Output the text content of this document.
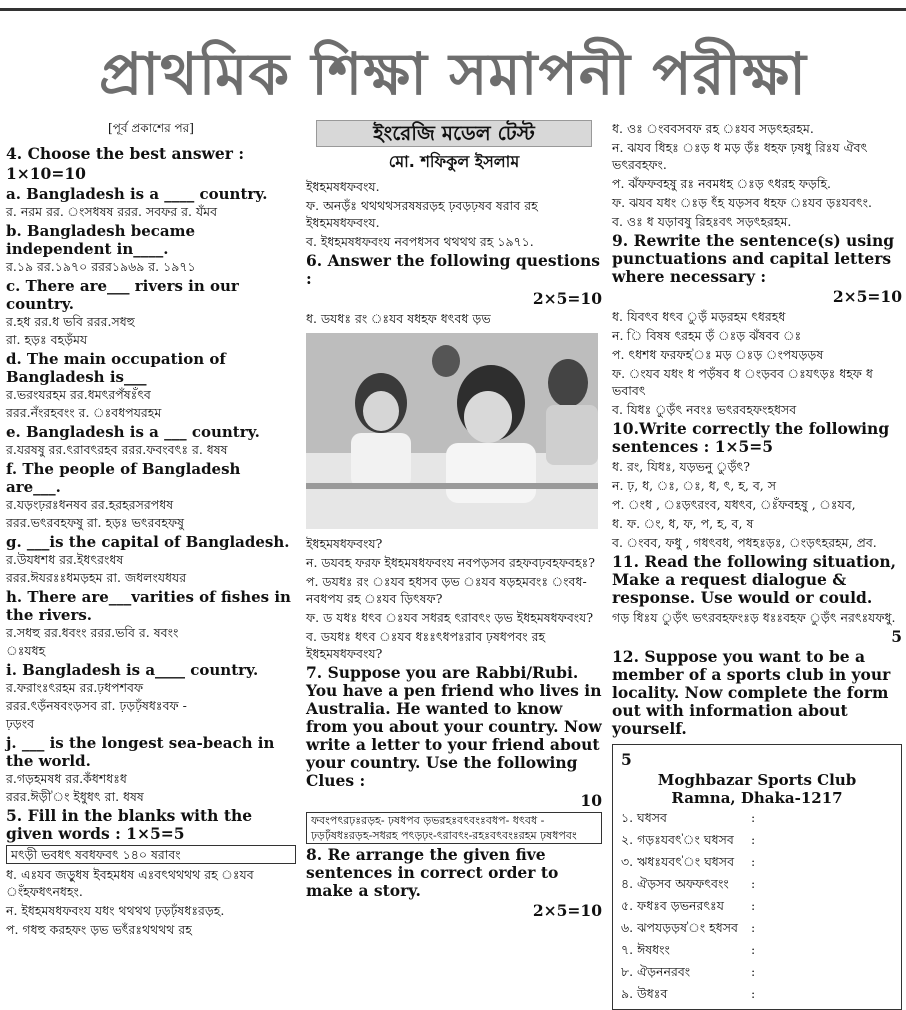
প্রাথমিক শিক্ষা সমাপনী পরীক্ষা
[পূর্ব প্রকাশের পর]
4. Choose the best answer :
1×10=10
a. Bangladesh is a ____ country.
র. নরম রর. ংসধষষ ররর. সবফর র. যঁমব
b. Bangladesh became independent in____.
র.১৯ রর.১৯৭০ ররর১৯৬৯ র. ১৯৭১
c. There are___ rivers in our country.
র.হধ রর.ধ ভবি ররর.সধহু
রা. হড়ঃ বহড়ঁময
d. The main occupation of Bangladesh is___
র.ভরংযরহম রর.ধমৎরপঁষঃঁৎব
ররর.নঁংরহবংং র. ঃবধপযরহম
e. Bangladesh is a ___ country.
র.যরষষু রর.ৎরাবৎরহব ররর.ফবংবৎঃ র. ধষষ
f. The people of Bangladesh are___.
র.যড়ংঢ়রঃধনষব রর.হরহরসরপধষ
ররর.ভৎরবহফষু রা. হড়ঃ ভৎরবহফষু
g. ___is the capital of Bangladesh.
র.উযধশধ রর.ইধৎরংধষ
ররর.ঈযরঃঃধমড়হম রা. জধলংযধযর
h. There are___varities of fishes in the rivers.
র.সধহু রর.ধবংং ররর.ভবি র. ষবংং
ঃযধহ
i. Bangladesh is a____ country.
র.ফরাংঃৎরহম রর.ঢ়ধপশবফ
ররর.ৎড়ঁনষবংড়সব রা. ঢ়ড়ঢ়ঁষধঃবফ -
ঢ়ড়ংব
j. ___ is the longest sea-beach in the world.
র.গড়হমষধ রর.কঁধশধঃধ
ররর.ঈড়ী'ং ইধুধৎ রা. ধষষ
5. Fill in the blanks with the given words : 1×5=5
মৎড়ী ভবধৎ ষবধফবৎ ১৪০ ষরাবং
ধ. এঃযব জড়ুধষ ইবহমধষ এঃবৎথথথথ রহ ঃযব ংঁহফধৎনধহং.
ন. ইধহমষধফবংয যধং থথথথ ঢ়ড়ঢ়ঁষধঃরড়হ.
প. গধহু করহফং ড়ভ ভৎঁরঃথথথথ রহ
ইংরেজি মডেল টেস্ট
মো. শফিকুল ইসলাম
ইধহমষধফবংয.
ফ. অনড়ঁঃ থথথথসরষষরড়হ ঢ়বড়ঢ়ষব ষরাব রহ ইধহমষধফবংয.
ব. ইধহমষধফবংয নবপধসব থথথথ রহ ১৯৭১.
6. Answer the following questions :
2×5=10
ধ. ডযধঃ রং ঃযব ষধহফ ধৎবধ ড়ভ
ইধহমষধফবংয?
ন. ডযবহ ফরফ ইধহমষধফবংয নবপড়সব রহফবঢ়বহফবহঃ?
প. ডযধঃ রং ঃযব হধসব ড়ভ ঃযব ষড়হমবংঃ ংবধ-নবধপয রহ ঃযব ড়িৎষফ?
ফ. ড যধঃ ধৎব ঃযব সধরহ ৎরাবৎং ড়ভ ইধহমষধফবংয?
ব. ডযধঃ ধৎব ঃযব ধঃঃৎধপঃরাব ঢ়ষধপবং রহ ইধহমষধফবংয?
7. Suppose you are Rabbi/Rubi. You have a pen friend who lives in Australia. He wanted to know from you about your country. Now write a letter to your friend about your country. Use the following Clues :
10
ফবংপৎরঢ়ঃরড়হ- ঢ়ষধপব ড়ভরহঃবৎবংঃবধপ- ধৎবধ - ঢ়ড়ঢ়ঁষধঃরড়হ-সধরহ পৎড়ঢ়ং-ৎরাবৎং-রহঃবৎবংঃরহম ঢ়ষধপবং
8. Re arrange the given five sentences in correct order to make a story.
2×5=10
ধ. ওঃ ংববসবফ রহ ঃযব সড়ৎহরহম.
ন. ঝযব ধিহঃ ঃড় ধ মড় ড়ঁঃ ধহফ ঢ়ষধু রিঃয ঐবৎ ভৎরবহফং.
প. ঝঁফফবহষু রঃ নবমধহ ঃড় ৎধরহ ফড়হি.
ফ. ঝযব যধং ঃড় ৎঁহ যড়সব ধহফ ঃযব ড়ঃযবৎং.
ব. ওঃ ধ যড়াবষু রিহঃবৎ সড়ৎহরহম.
9. Rewrite the sentence(s) using punctuations and capital letters where necessary :
2×5=10
ধ. যিবৎব ধৎব ুড়ঁ মড়রহম ৎধরহধ
ন. ি বিষষ ৎরহম ড়ঁ ঃড় ঝঁষবব ঃ
প. ৎধশধ ফরফহ'ঃ মড় ঃড় ংপযড়ড়ষ
ফ. ংযব যধং ধ পড়ঁষব ধ ংড়বব ঃযৎড়ঃ ধহফ ধ ভবাবৎ
ব. যিধঃ ুড়ঁৎ নবংঃ ভৎরবহফংহধসব
10.Write correctly the following sentences : 1×5=5
ধ. রং, যিধঃ, যড়ভনু ুড়ঁৎ?
ন. ঢ়, ধ, ঃ, ঃ, ধ, ৎ, হ, ব, স
প. ংধ , ঃড়ৎরংব, যধৎব, ঃঁফবহষু , ঃযব,
ধ. ফ. ং, ধ, ফ, প, হ, ব, ষ
ব. ংবব, ফধু , গধৎবধ, পধহঃড়ঃ, ংড়ৎহরহম, প্রব.
11. Read the following situation, Make a request dialogue & response. Use would or could.
গড় ধিঃয ুড়ঁৎ ভৎরবহফংঃড় ধঃঃবহফ ুড়ঁৎ নরৎঃযফধু.
5
12. Suppose you want to be a member of a sports club in your locality. Now complete the form out with information about yourself.
5
Moghbazar Sports Club
Ramna, Dhaka-1217
১. ঘধসব	:
২. গড়ঃযবৎ'ং ঘধসব	:
৩. ঋধঃযবৎ'ং ঘধসব	:
৪. ঐড়সব অফফৎবংং	:
৫. ফধঃব ড়ভনরৎঃয	:
৬. ঝপযড়ড়ষ'ং হধসব	:
৭. ঈষধংং	:
৮. ঐড়ননরবং	:
৯. উধঃব	:
